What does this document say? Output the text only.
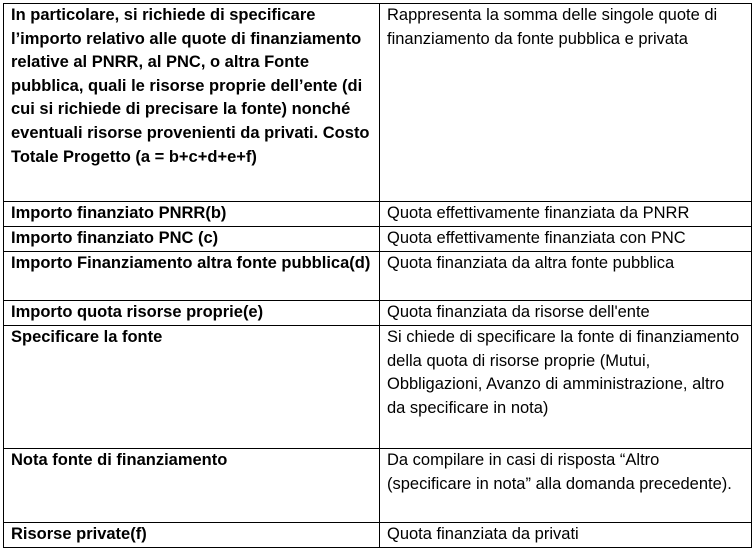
In particolare, si richiede di specificare l’importo relativo alle quote di finanziamento relative al PNRR, al PNC, o altra Fonte pubblica, quali le risorse proprie dell’ente (di cui si richiede di precisare la fonte) nonché eventuali risorse provenienti da privati. Costo Totale Progetto (a = b+c+d+e+f)	Rappresenta la somma delle singole quote di finanziamento da fonte pubblica e privata
Importo finanziato PNRR(b)	Quota effettivamente finanziata da PNRR
Importo finanziato PNC (c)	Quota effettivamente finanziata con PNC
Importo Finanziamento altra fonte pubblica(d)	Quota finanziata da altra fonte pubblica
Importo quota risorse proprie(e)	Quota finanziata da risorse dell'ente
Specificare la fonte	Si chiede di specificare la fonte di finanziamento della quota di risorse proprie (Mutui, Obbligazioni, Avanzo di amministrazione, altro da specificare in nota)
Nota fonte di finanziamento	Da compilare in casi di risposta “Altro (specificare in nota” alla domanda precedente).
Risorse private(f)	Quota finanziata da privati
